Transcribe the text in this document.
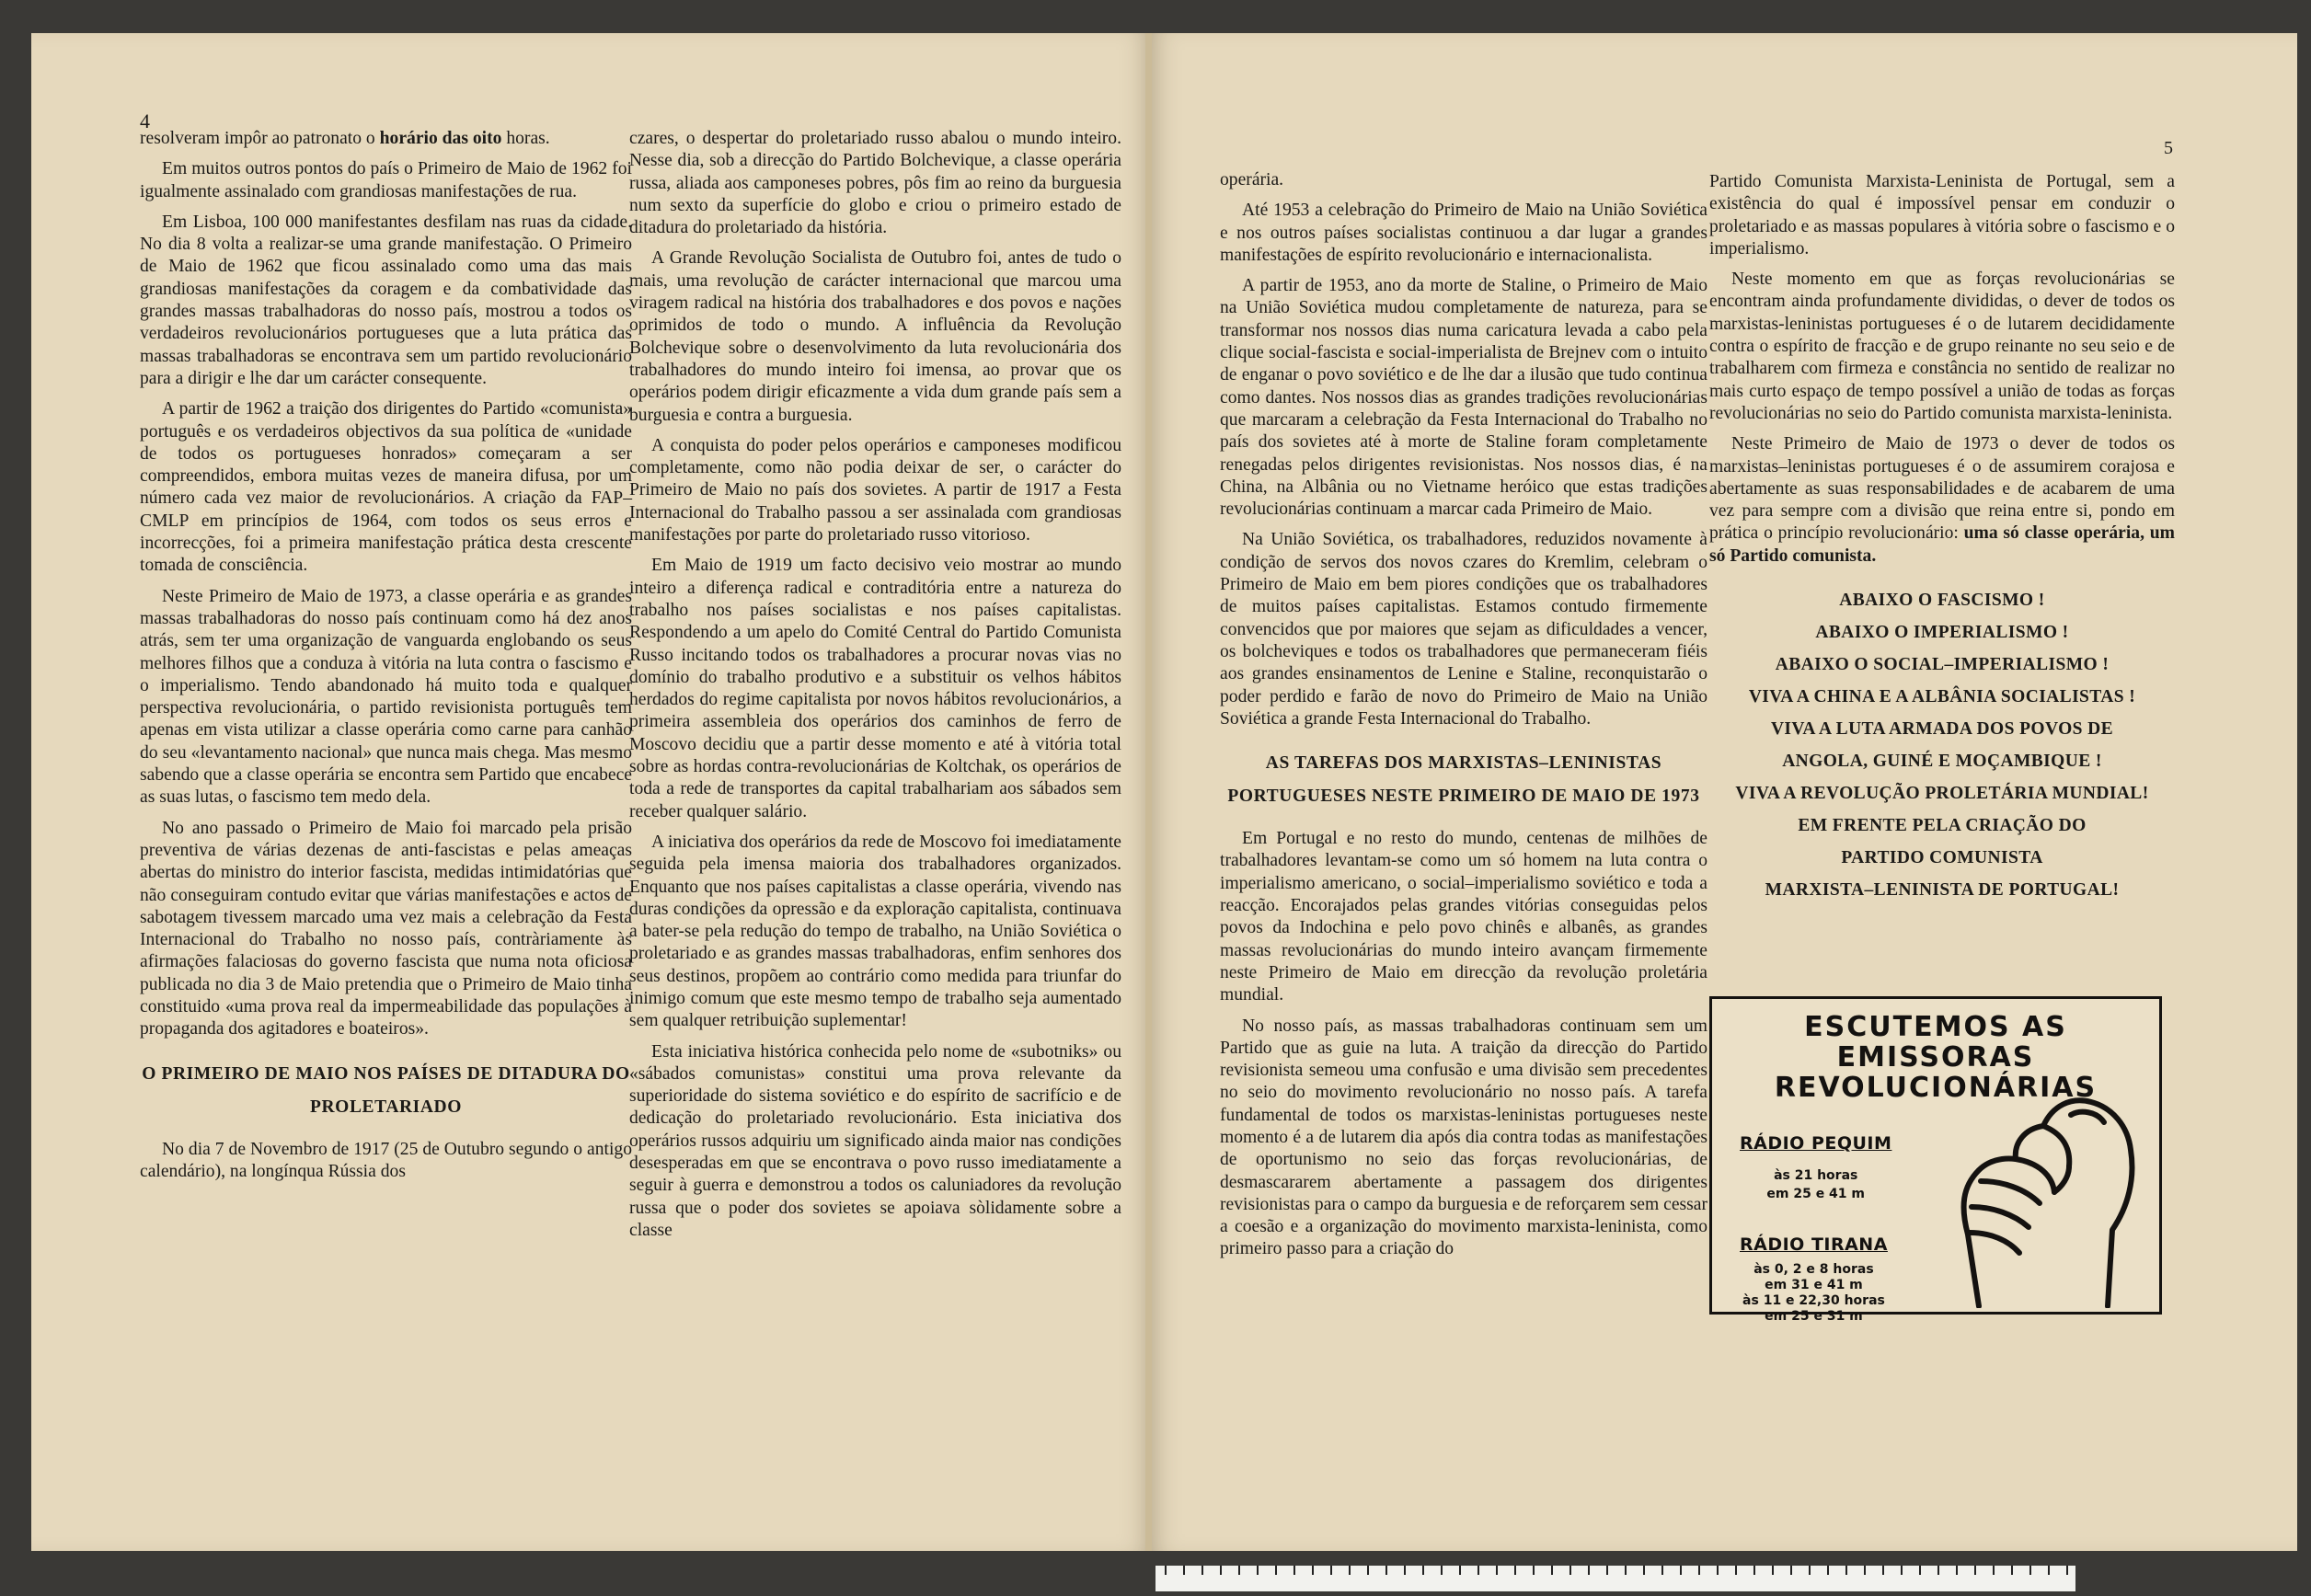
4

resolveram impôr ao patronato o horário das oito horas.

Em muitos outros pontos do país o Primeiro de Maio de 1962 foi igualmente assinalado com grandiosas manifestações de rua.

Em Lisboa, 100 000 manifestantes desfilam nas ruas da cidade. No dia 8 volta a realizar-se uma grande manifestação. O Primeiro de Maio de 1962 que ficou assinalado como uma das mais grandiosas manifestações da coragem e da combatividade das grandes massas trabalhadoras do nosso país, mostrou a todos os verdadeiros revolucionários portugueses que a luta prática das massas trabalhadoras se encontrava sem um partido revolucionário para a dirigir e lhe dar um carácter consequente.

A partir de 1962 a traição dos dirigentes do Partido «comunista» português e os verdadeiros objectivos da sua política de «unidade de todos os portugueses honrados» começaram a ser compreendidos, embora muitas vezes de maneira difusa, por um número cada vez maior de revolucionários. A criação da FAP–CMLP em princípios de 1964, com todos os seus erros e incorrecções, foi a primeira manifestação prática desta crescente tomada de consciência.

Neste Primeiro de Maio de 1973, a classe operária e as grandes massas trabalhadoras do nosso país continuam como há dez anos atrás, sem ter uma organização de vanguarda englobando os seus melhores filhos que a conduza à vitória na luta contra o fascismo e o imperialismo. Tendo abandonado há muito toda e qualquer perspectiva revolucionária, o partido revisionista português tem apenas em vista utilizar a classe operária como carne para canhão do seu «levantamento nacional» que nunca mais chega. Mas mesmo sabendo que a classe operária se encontra sem Partido que encabece as suas lutas, o fascismo tem medo dela.

No ano passado o Primeiro de Maio foi marcado pela prisão preventiva de várias dezenas de anti-fascistas e pelas ameaças abertas do ministro do interior fascista, medidas intimidatórias que não conseguiram contudo evitar que várias manifestações e actos de sabotagem tivessem marcado uma vez mais a celebração da Festa Internacional do Trabalho no nosso país, contràriamente às afirmações falaciosas do governo fascista que numa nota oficiosa publicada no dia 3 de Maio pretendia que o Primeiro de Maio tinha constituido «uma prova real da impermeabilidade das populações à propaganda dos agitadores e boateiros».

O PRIMEIRO DE MAIO NOS PAÍSES DE DITADURA DO PROLETARIADO

No dia 7 de Novembro de 1917 (25 de Outubro segundo o antigo calendário), na longínqua Rússia dos

czares, o despertar do proletariado russo abalou o mundo inteiro. Nesse dia, sob a direcção do Partido Bolchevique, a classe operária russa, aliada aos camponeses pobres, pôs fim ao reino da burguesia num sexto da superfície do globo e criou o primeiro estado de ditadura do proletariado da história.

A Grande Revolução Socialista de Outubro foi, antes de tudo o mais, uma revolução de carácter internacional que marcou uma viragem radical na história dos trabalhadores e dos povos e nações oprimidos de todo o mundo. A influência da Revolução Bolchevique sobre o desenvolvimento da luta revolucionária dos trabalhadores do mundo inteiro foi imensa, ao provar que os operários podem dirigir eficazmente a vida dum grande país sem a burguesia e contra a burguesia.

A conquista do poder pelos operários e camponeses modificou completamente, como não podia deixar de ser, o carácter do Primeiro de Maio no país dos sovietes. A partir de 1917 a Festa Internacional do Trabalho passou a ser assinalada com grandiosas manifestações por parte do proletariado russo vitorioso.

Em Maio de 1919 um facto decisivo veio mostrar ao mundo inteiro a diferença radical e contraditória entre a natureza do trabalho nos países socialistas e nos países capitalistas. Respondendo a um apelo do Comité Central do Partido Comunista Russo incitando todos os trabalhadores a procurar novas vias no domínio do trabalho produtivo e a substituir os velhos hábitos herdados do regime capitalista por novos hábitos revolucionários, a primeira assembleia dos operários dos caminhos de ferro de Moscovo decidiu que a partir desse momento e até à vitória total sobre as hordas contra-revolucionárias de Koltchak, os operários de toda a rede de transportes da capital trabalhariam aos sábados sem receber qualquer salário.

A iniciativa dos operários da rede de Moscovo foi imediatamente seguida pela imensa maioria dos trabalhadores organizados. Enquanto que nos países capitalistas a classe operária, vivendo nas duras condições da opressão e da exploração capitalista, continuava a bater-se pela redução do tempo de trabalho, na União Soviética o proletariado e as grandes massas trabalhadoras, enfim senhores dos seus destinos, propõem ao contrário como medida para triunfar do inimigo comum que este mesmo tempo de trabalho seja aumentado sem qualquer retribuição suplementar!

Esta iniciativa histórica conhecida pelo nome de «subotniks» ou «sábados comunistas» constitui uma prova relevante da superioridade do sistema soviético e do espírito de sacrifício e de dedicação do proletariado revolucionário. Esta iniciativa dos operários russos adquiriu um significado ainda maior nas condições desesperadas em que se encontrava o povo russo imediatamente a seguir à guerra e demonstrou a todos os caluniadores da revolução russa que o poder dos sovietes se apoiava sòlidamente sobre a classe

5

operária.

Até 1953 a celebração do Primeiro de Maio na União Soviética e nos outros países socialistas continuou a dar lugar a grandes manifestações de espírito revolucionário e internacionalista.

A partir de 1953, ano da morte de Staline, o Primeiro de Maio na União Soviética mudou completamente de natureza, para se transformar nos nossos dias numa caricatura levada a cabo pela clique social-fascista e social-imperialista de Brejnev com o intuito de enganar o povo soviético e de lhe dar a ilusão que tudo continua como dantes. Nos nossos dias as grandes tradições revolucionárias que marcaram a celebração da Festa Internacional do Trabalho no país dos sovietes até à morte de Staline foram completamente renegadas pelos dirigentes revisionistas. Nos nossos dias, é na China, na Albânia ou no Vietname heróico que estas tradições revolucionárias continuam a marcar cada Primeiro de Maio.

Na União Soviética, os trabalhadores, reduzidos novamente à condição de servos dos novos czares do Kremlim, celebram o Primeiro de Maio em bem piores condições que os trabalhadores de muitos países capitalistas. Estamos contudo firmemente convencidos que por maiores que sejam as dificuldades a vencer, os bolcheviques e todos os trabalhadores que permaneceram fiéis aos grandes ensinamentos de Lenine e Staline, reconquistarão o poder perdido e farão de novo do Primeiro de Maio na União Soviética a grande Festa Internacional do Trabalho.

AS TAREFAS DOS MARXISTAS–LENINISTAS PORTUGUESES NESTE PRIMEIRO DE MAIO DE 1973

Em Portugal e no resto do mundo, centenas de milhões de trabalhadores levantam-se como um só homem na luta contra o imperialismo americano, o social–imperialismo soviético e toda a reacção. Encorajados pelas grandes vitórias conseguidas pelos povos da Indochina e pelo povo chinês e albanês, as grandes massas revolucionárias do mundo inteiro avançam firmemente neste Primeiro de Maio em direcção da revolução proletária mundial.

No nosso país, as massas trabalhadoras continuam sem um Partido que as guie na luta. A traição da direcção do Partido revisionista semeou uma confusão e uma divisão sem precedentes no seio do movimento revolucionário no nosso país. A tarefa fundamental de todos os marxistas-leninistas portugueses neste momento é a de lutarem dia após dia contra todas as manifestações de oportunismo no seio das forças revolucionárias, de desmascararem abertamente a passagem dos dirigentes revisionistas para o campo da burguesia e de reforçarem sem cessar a coesão e a organização do movimento marxista-leninista, como primeiro passo para a criação do

Partido Comunista Marxista-Leninista de Portugal, sem a existência do qual é impossível pensar em conduzir o proletariado e as massas populares à vitória sobre o fascismo e o imperialismo.

Neste momento em que as forças revolucionárias se encontram ainda profundamente divididas, o dever de todos os marxistas-leninistas portugueses é o de lutarem decididamente contra o espírito de fracção e de grupo reinante no seu seio e de trabalharem com firmeza e constância no sentido de realizar no mais curto espaço de tempo possível a união de todas as forças revolucionárias no seio do Partido comunista marxista-leninista.

Neste Primeiro de Maio de 1973 o dever de todos os marxistas–leninistas portugueses é o de assumirem corajosa e abertamente as suas responsabilidades e de acabarem de uma vez para sempre com a divisão que reina entre si, pondo em prática o princípio revolucionário: uma só classe operária, um só Partido comunista.

ABAIXO O FASCISMO !
ABAIXO O IMPERIALISMO !
ABAIXO O SOCIAL–IMPERIALISMO !
VIVA A CHINA E A ALBÂNIA SOCIALISTAS !
VIVA A LUTA ARMADA DOS POVOS DE
ANGOLA, GUINÉ E MOÇAMBIQUE !
VIVA A REVOLUÇÃO PROLETÁRIA MUNDIAL!
EM FRENTE PELA CRIAÇÃO DO
PARTIDO COMUNISTA
MARXISTA–LENINISTA DE PORTUGAL!
ESCUTEMOS AS
EMISSORAS
REVOLUCIONÁRIAS
RÁDIO PEQUIM
às 21 horas
em 25 e 41 m
RÁDIO TIRANA
às 0, 2 e 8 horas
em 31 e 41 m
às 11 e 22,30 horas
em 25 e 31 m
